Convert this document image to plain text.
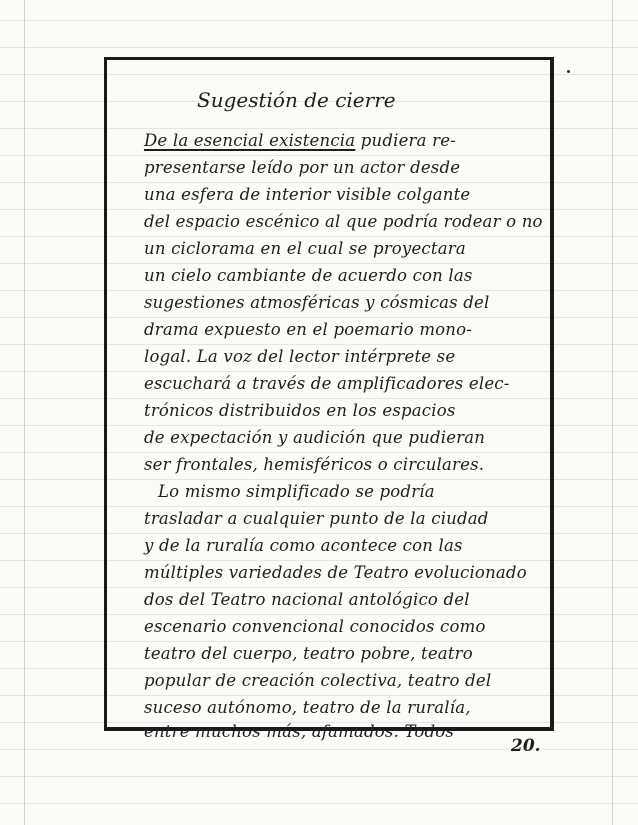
Sugestión de cierre
De la esencial existencia pudiera re-
presentarse leído por un actor desde
una esfera de interior visible colgante
del espacio escénico al que podría rodear o no
un ciclorama en el cual se proyectara
un cielo cambiante de acuerdo con las
sugestiones atmosféricas y cósmicas del
drama expuesto en el poemario mono-
logal. La voz del lector intérprete se
escuchará a través de amplificadores elec-
trónicos distribuidos en los espacios
de expectación y audición que pudieran
ser frontales, hemisféricos o circulares.
Lo mismo simplificado se podría
trasladar a cualquier punto de la ciudad
y de la ruralía como acontece con las
múltiples variedades de Teatro evolucionado
dos del Teatro nacional antológico del
escenario convencional conocidos como
teatro del cuerpo, teatro pobre, teatro
popular de creación colectiva, teatro del
suceso autónomo, teatro de la ruralía,
entre muchos más, afamados. Todos
20.
